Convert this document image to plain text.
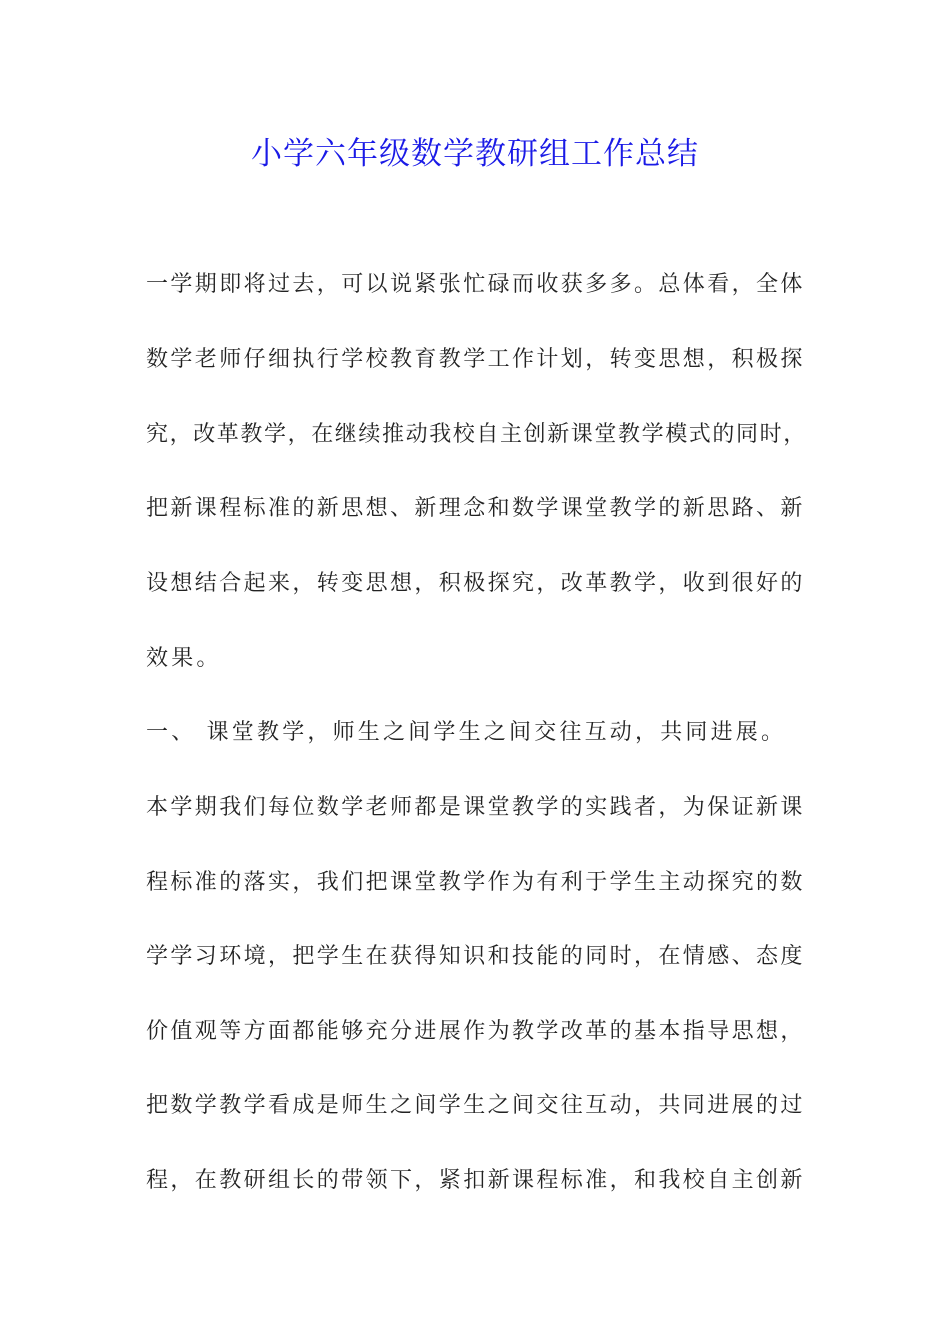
小学六年级数学教研组工作总结
一学期即将过去，可以说紧张忙碌而收获多多。总体看，全体
数学老师仔细执行学校教育教学工作计划，转变思想，积极探
究，改革教学，在继续推动我校自主创新课堂教学模式的同时，
把新课程标准的新思想、新理念和数学课堂教学的新思路、新
设想结合起来，转变思想，积极探究，改革教学，收到很好的
效果。
一、 课堂教学，师生之间学生之间交往互动，共同进展。
本学期我们每位数学老师都是课堂教学的实践者，为保证新课
程标准的落实，我们把课堂教学作为有利于学生主动探究的数
学学习环境，把学生在获得知识和技能的同时，在情感、态度
价值观等方面都能够充分进展作为教学改革的基本指导思想，
把数学教学看成是师生之间学生之间交往互动，共同进展的过
程，在教研组长的带领下，紧扣新课程标准，和我校自主创新
